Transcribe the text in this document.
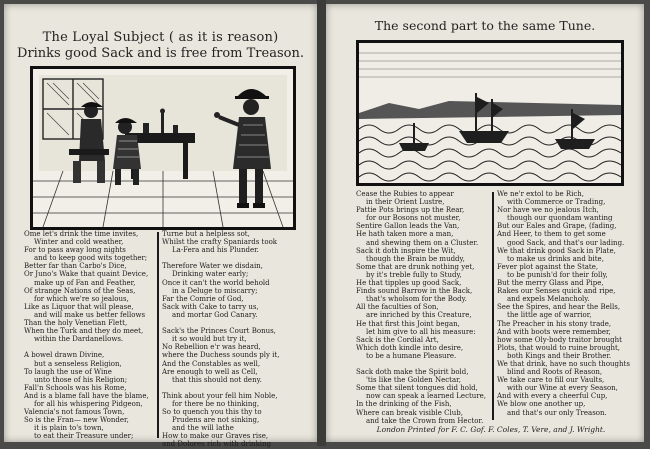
The Loyal Subject ( as it is reason)
Drinks good Sack and is free from Treason.
Ome let's drink the time invites,
Winter and cold weather,
For to pass away long nights
and to keep good wits together;
Better far than Carbo's Dice,
Or Juno's Wake that quaint Device,
make up of Fan and Feather,
Of strange Nations of the Seas,
for which we're so jealous,
Like as Liquor that will please,
and will make us better fellows
Than the holy Venetian Flett,
When the Turk and they do meet,
within the Dardanellows.
A bowel drawn Divine,
but a senseless Religion,
To laugh the use of Wine
unto those of his Religion;
Fall'n Schools was his Rome,
And is a blame fall have the blame,
for all his whispering Pidgeon,
Valencia's not famous Town,
So is the Fran— new Wonder,
it is plain to's town,
to eat their Treasure under;
Turne but a helpless sot,
Whilst the crafty Spaniards took
La-Fera and his Plunder.
Therefore Water we disdain,
Drinking water early;
Once it can't the world behold
in a Deluge to miscarry;
Far the Comrie of God,
Sack with Cake to tarry us,
and mortar God Canary.
Sack's the Princes Court Bonus,
it so would but try it,
No Rebellion e'r was heard,
where the Duchess sounds ply it,
And the Constables as well,
Are enough to well as Cell,
that this should not deny.
Think about your fell him Noble,
for there be no thinking,
So to quench you this thy to
Prudens are not sinking,
and the will lathe
How to make our Graves rise,
and Dolores rich with drinking
The second part to the same Tune.
Cease the Rubies to appear
in their Orient Lustre,
Pattie Pots brings up the Rear,
for our Bosons not muster,
Sentire Gallon leads the Van,
He hath taken more a man,
and shewing them on a Cluster.
Sack it doth inspire the Wit,
though the Brain be muddy,
Some that are drunk nothing yet,
by it's treble fully to Study,
He that tipples up good Sack,
Finds sound Barrow in the Back,
that's wholsom for the Body.
All the faculties of Son,
are inriched by this Creature,
He that first this Joint began,
let him give to all his measure:
Sack is the Cordial Art,
Which doth kindle into desire,
to be a humane Pleasure.
Sack doth make the Spirit bold,
'tis like the Golden Nectar,
Some that silent tongues did hold,
now can speak a learned Lecture,
In the drinking of the Fish,
Where can break visible Club,
and take the Crown from Hector.
We ne'r extol to be Rich,
with Commerce or Trading,
Nor have we no jealous Itch,
though our quondam wanting
But our Eales and Grape, (fading,
And Heer, to them to get some
good Sack, and that's our lading.
We that drink good Sack in Plate,
to make us drinks and bite,
Fever plot against the State,
to be punish'd for their folly,
But the merry Glass and Pipe,
Rakes our Senses quick and ripe,
and expels Melancholy.
See the Spires, and hear the Bells,
the little age of warrior,
The Preacher in his stony trade,
And with boots were remember,
how some Oly-body traitor brought
Plots, that would to ruine brought,
both Kings and their Brother.
We that drink, have no such thoughts
blind and Roots of Reason,
We take care to fill our Vaults,
with our Wine at every Season,
And with every a cheerful Cup,
We blow one another up,
and that's our only Treason.
London Printed for F. C. Gof. F. Coles, T. Vere, and J. Wright.
